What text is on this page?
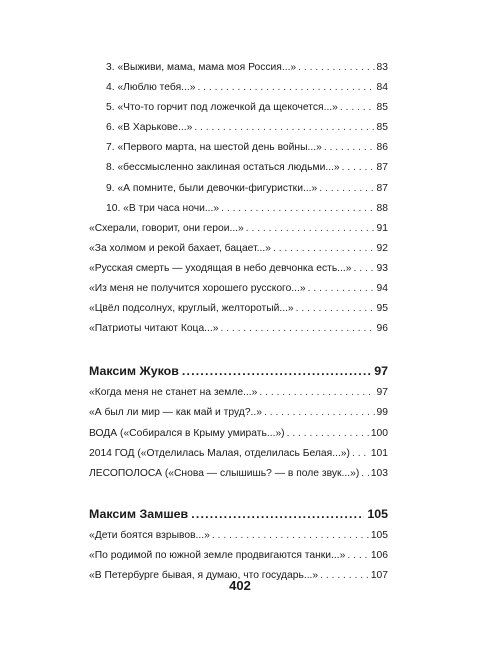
3. «Выживи, мама, мама моя Россия...» . . .	83
4. «Люблю тебя...» . . .	84
5. «Что-то горчит под ложечкой да щекочется...» . . .	85
6. «В Харькове...» . . .	85
7. «Первого марта, на шестой день войны...» . . .	86
8. «бессмысленно заклиная остаться людьми...» . . .	87
9. «А помните, были девочки-фигуристки...» . . .	87
10. «В три часа ночи...» . . .	88
«Схерали, говорит, они герои...» . . .	91
«За холмом и рекой бахает, бацает...» . . .	92
«Русская смерть — уходящая в небо девчонка есть...» . . . 93
«Из меня не получится хорошего русского...» . . .	94
«Цвёл подсолнух, круглый, желторотый...» . . .	95
«Патриоты читают Коца...» . . .	96
Максим Жуков .....	97
«Когда меня не станет на земле...» . . .	97
«А был ли мир — как май и труд?..» . . .	99
ВОДА («Собирался в Крыму умирать...») . . .	100
2014 ГОД («Отделилась Малая, отделилась Белая...») . . . 101
ЛЕСОПОЛОСА («Снова — слышишь? — в поле звук...») . . . 103
Максим Замшев .....	105
«Дети боятся взрывов...» . . .	105
«По родимой по южной земле продвигаются танки...» . . . 106
«В Петербурге бывая, я думаю, что государь...» . . .	107
402
